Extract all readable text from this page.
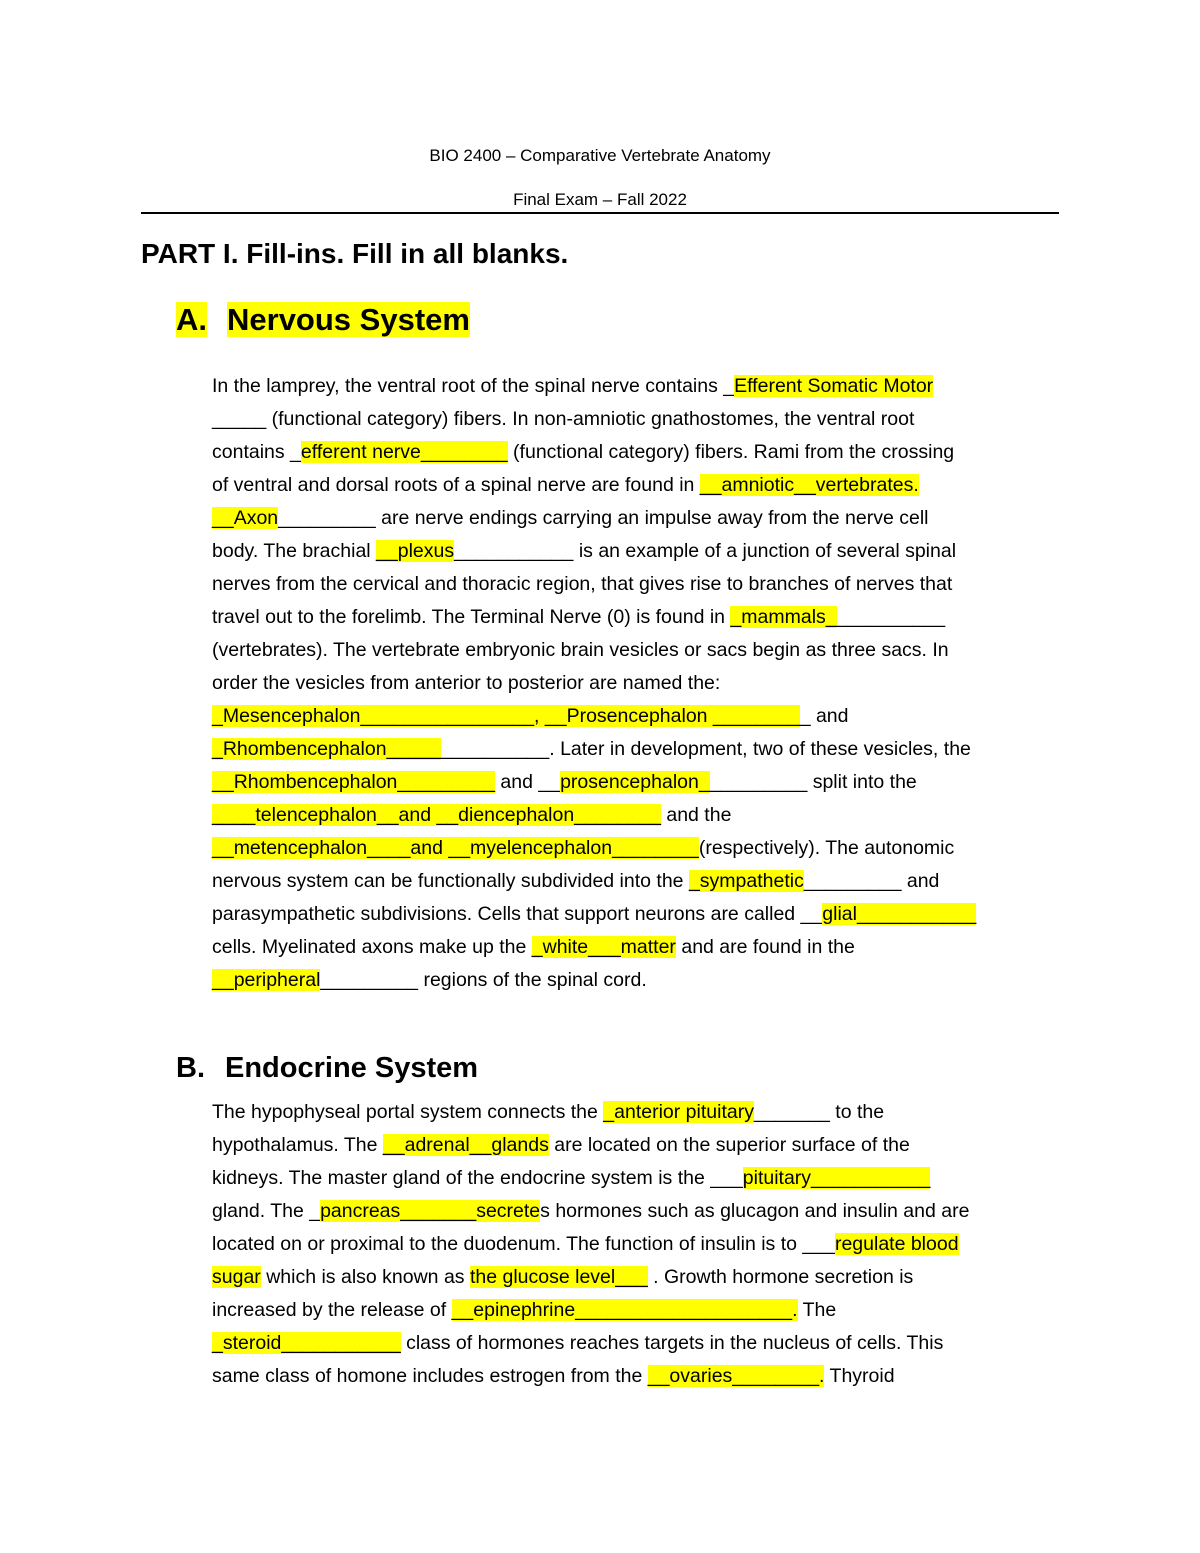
BIO 2400 – Comparative Vertebrate Anatomy
Final Exam – Fall 2022
PART I. Fill-ins. Fill in all blanks.
A. Nervous System
In the lamprey, the ventral root of the spinal nerve contains _Efferent Somatic Motor
_____ (functional category) fibers. In non-amniotic gnathostomes, the ventral root
contains _efferent nerve________ (functional category) fibers. Rami from the crossing
of ventral and dorsal roots of a spinal nerve are found in __amniotic__vertebrates.
__Axon_________ are nerve endings carrying an impulse away from the nerve cell
body. The brachial __plexus___________ is an example of a junction of several spinal
nerves from the cervical and thoracic region, that gives rise to branches of nerves that
travel out to the forelimb. The Terminal Nerve (0) is found in _mammals___________
(vertebrates). The vertebrate embryonic brain vesicles or sacs begin as three sacs. In
order the vesicles from anterior to posterior are named the:
_Mesencephalon________________, __Prosencephalon _________ and
_Rhombencephalon_______________. Later in development, two of these vesicles, the
__Rhombencephalon_________ and __prosencephalon__________ split into the
____telencephalon__and __diencephalon________ and the
__metencephalon____and __myelencephalon________(respectively). The autonomic
nervous system can be functionally subdivided into the _sympathetic_________ and
parasympathetic subdivisions. Cells that support neurons are called __glial___________
cells. Myelinated axons make up the _white___matter and are found in the
__peripheral_________ regions of the spinal cord.
B. Endocrine System
The hypophyseal portal system connects the _anterior pituitary_______ to the
hypothalamus. The __adrenal__glands are located on the superior surface of the
kidneys. The master gland of the endocrine system is the ___pituitary___________
gland. The _pancreas_______secretes hormones such as glucagon and insulin and are
located on or proximal to the duodenum. The function of insulin is to ___regulate blood
sugar which is also known as the glucose level___ . Growth hormone secretion is
increased by the release of __epinephrine____________________. The
_steroid___________ class of hormones reaches targets in the nucleus of cells. This
same class of homone includes estrogen from the __ovaries________. Thyroid
